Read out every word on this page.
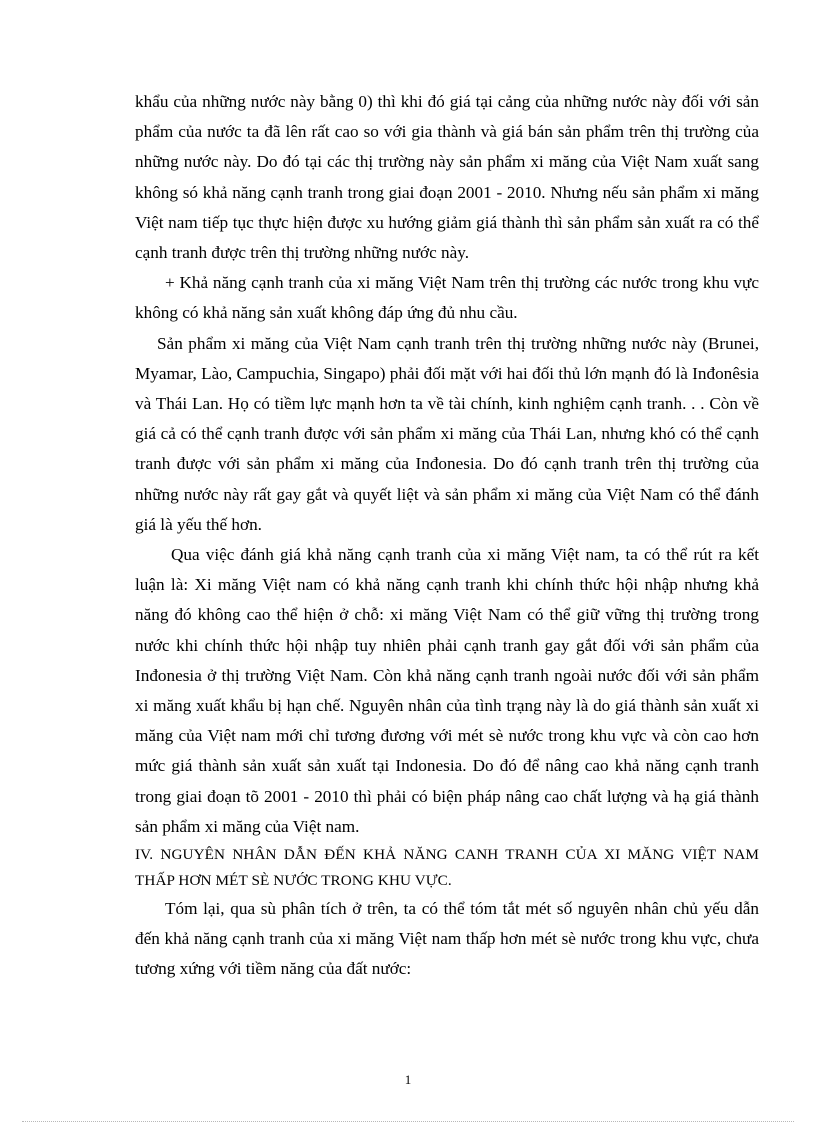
khẩu của những nước này bằng 0) thì khi đó giá tại cảng của những nước này đối với sản phẩm của nước ta đã lên rất cao so với gia thành và giá bán sản phẩm trên thị trường của những nước này. Do đó tại các thị trường này sản phẩm xi măng của Việt Nam xuất sang không só khả năng cạnh tranh trong giai đoạn 2001 - 2010. Nhưng nếu sản phẩm xi măng Việt nam tiếp tục thực hiện được xu hướng giảm giá thành thì sản phẩm sản xuất ra có thể cạnh tranh được trên thị trường những nước này.

+ Khả năng cạnh tranh của xi măng Việt Nam trên thị trường các nước trong khu vực không có khả năng sản xuất không đáp ứng đủ nhu cầu.

Sản phẩm xi măng của Việt Nam cạnh tranh trên thị trường những nước này (Brunei, Myamar, Lào, Campuchia, Singapo) phải đối mặt với hai đối thủ lớn mạnh đó là Inđonêsia và Thái Lan. Họ có tiềm lực mạnh hơn ta về tài chính, kinh nghiệm cạnh tranh. . . Còn về giá cả có thể cạnh tranh được với sản phẩm xi măng của Thái Lan, nhưng khó có thể cạnh tranh được với sản phẩm xi măng của Inđonesia. Do đó cạnh tranh trên thị trường của những nước này rất gay gắt và quyết liệt và sản phẩm xi măng của Việt Nam có thể đánh giá là yếu thế hơn.

Qua việc đánh giá khả năng cạnh tranh của xi măng Việt nam, ta có thể rút ra kết luận là: Xi măng Việt nam có khả năng cạnh tranh khi chính thức hội nhập nhưng khả năng đó không cao thể hiện ở chỗ: xi măng Việt Nam có thể giữ vững thị trường trong nước khi chính thức hội nhập tuy nhiên phải cạnh tranh gay gắt đối với sản phẩm của Inđonesia ở thị trường Việt Nam. Còn khả năng cạnh tranh ngoài nước đối với sản phẩm xi măng xuất khẩu bị hạn chế. Nguyên nhân của tình trạng này là do giá thành sản xuất xi măng của Việt nam mới chỉ tương đương với mét sè nước trong khu vực và còn cao hơn mức giá thành sản xuất sản xuất tại Indonesia. Do đó để nâng cao khả năng cạnh tranh trong giai đoạn tõ 2001 - 2010 thì phải có biện pháp nâng cao chất lượng và hạ giá thành sản phẩm xi măng của Việt nam.

IV. NGUYÊN NHÂN DẪN ĐẾN KHẢ NĂNG CANH TRANH CỦA XI MĂNG VIỆT NAM THẤP HƠN MÉT SÈ NƯỚC TRONG KHU VỰC.

Tóm lại, qua sù phân tích ở trên, ta có thể tóm tắt mét số nguyên nhân chủ yếu dẫn đến khả năng cạnh tranh của xi măng Việt nam thấp hơn mét sè nước trong khu vực, chưa tương xứng với tiềm năng của đất nước:

1
